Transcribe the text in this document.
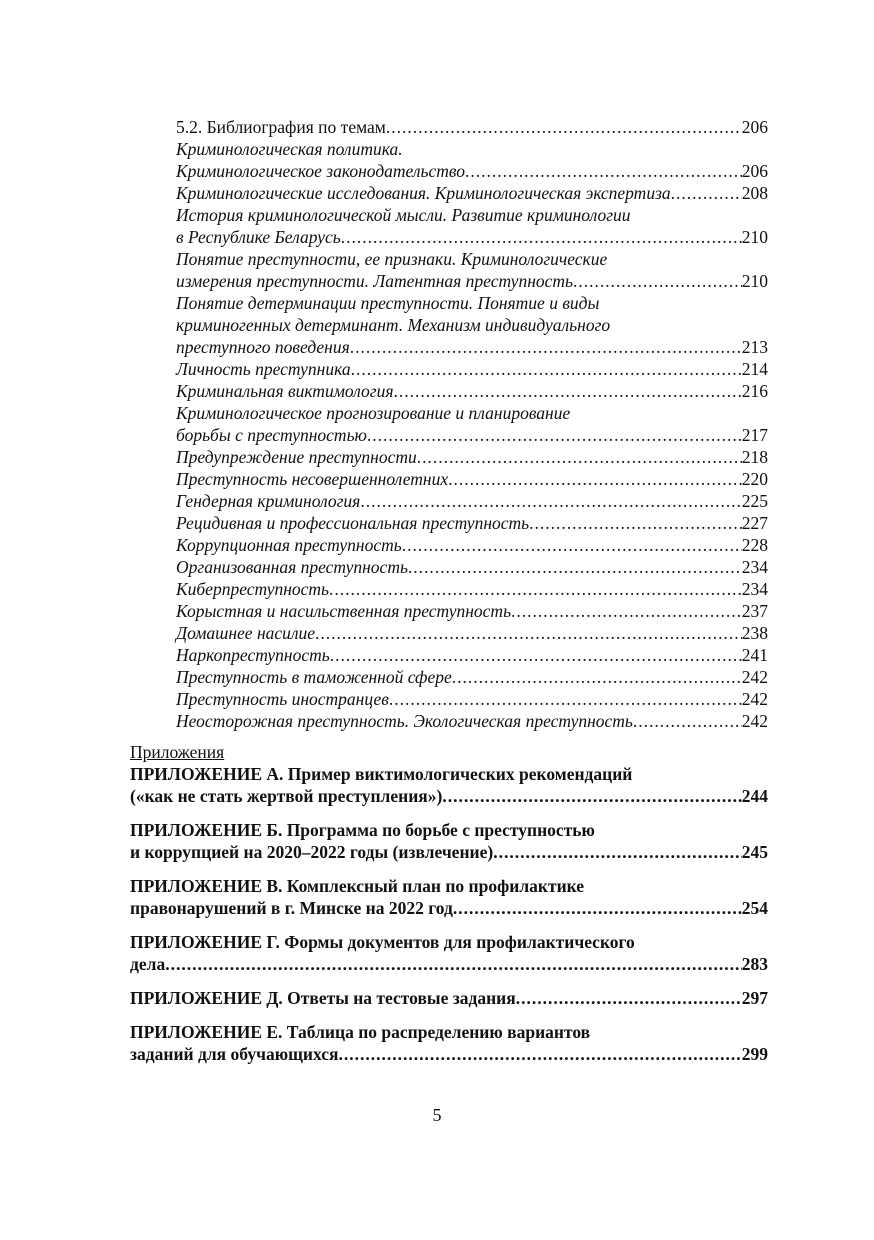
5.2. Библиография по темам .....	206
Криминологическая политика.
Криминологическое законодательство .....	206
Криминологические исследования. Криминологическая экспертиза .....	208
История криминологической мысли. Развитие криминологии
в Республике Беларусь .....	210
Понятие преступности, ее признаки. Криминологические
измерения преступности. Латентная преступность .....	210
Понятие детерминации преступности. Понятие и виды
криминогенных детерминант. Механизм индивидуального
преступного поведения .....	213
Личность преступника .....	214
Криминальная виктимология .....	216
Криминологическое прогнозирование и планирование
борьбы с преступностью .....	217
Предупреждение преступности .....	218
Преступность несовершеннолетних .....	220
Гендерная криминология .....	225
Рецидивная и профессиональная преступность .....	227
Коррупционная преступность .....	228
Организованная преступность .....	234
Киберпреступность .....	234
Корыстная и насильственная преступность .....	237
Домашнее насилие .....	238
Наркопреступность .....	241
Преступность в таможенной сфере .....	242
Преступность иностранцев .....	242
Неосторожная преступность. Экологическая преступность .....	242
Приложения
ПРИЛОЖЕНИЕ А. Пример виктимологических рекомендаций
(«как не стать жертвой преступления») .....	244
ПРИЛОЖЕНИЕ Б. Программа по борьбе с преступностью
и коррупцией на 2020–2022 годы (извлечение) .....	245
ПРИЛОЖЕНИЕ В. Комплексный план по профилактике
правонарушений в г. Минске на 2022 год .....	254
ПРИЛОЖЕНИЕ Г. Формы документов для профилактического
дела .....	283
ПРИЛОЖЕНИЕ Д. Ответы на тестовые задания .....	297
ПРИЛОЖЕНИЕ Е. Таблица по распределению вариантов
заданий для обучающихся .....	299
5
